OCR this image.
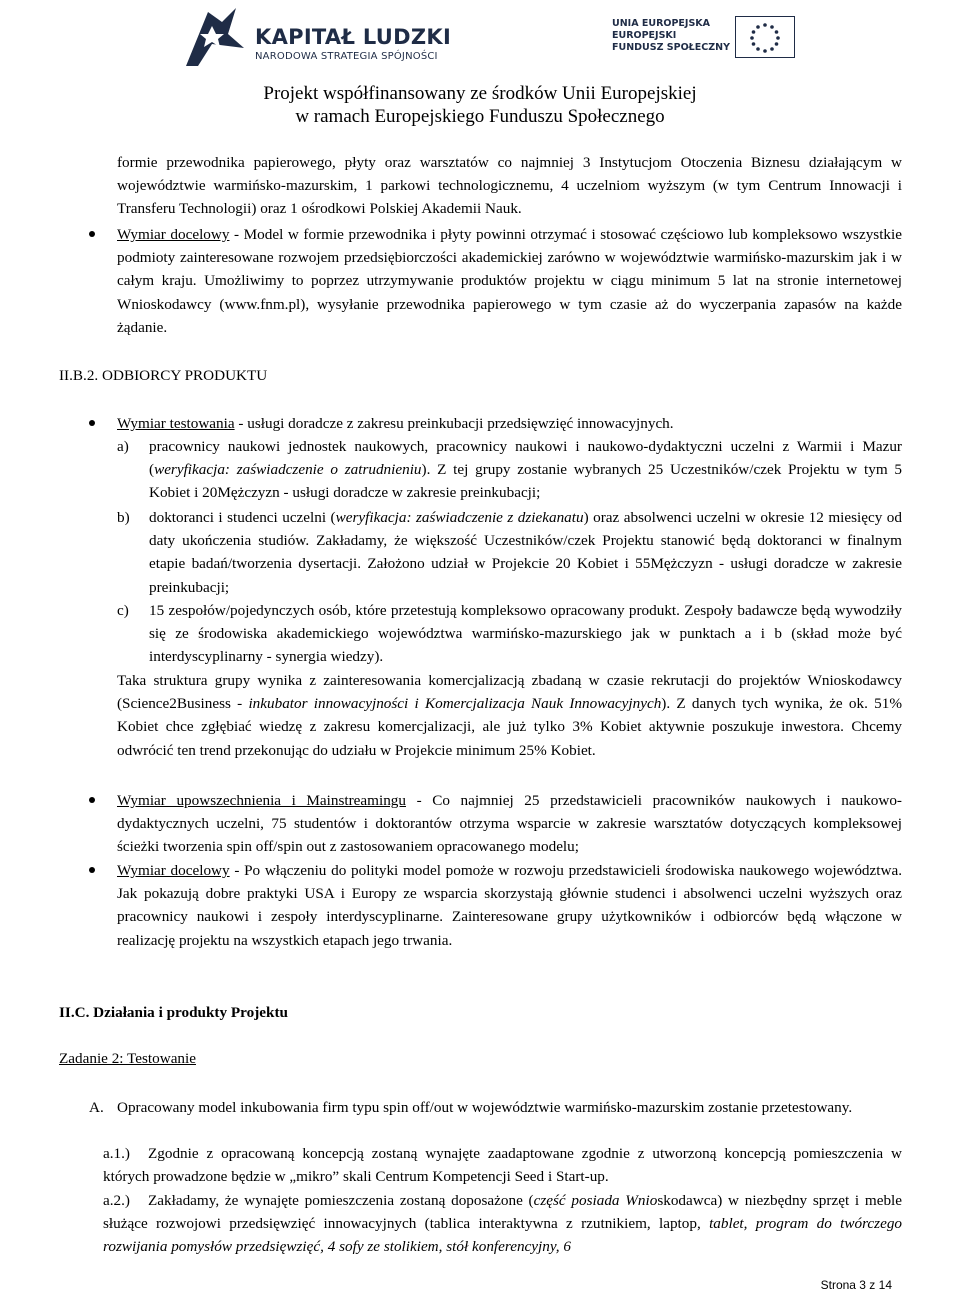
KAPITAŁ LUDZKI
NARODOWA STRATEGIA SPÓJNOŚCI
UNIA EUROPEJSKA
EUROPEJSKI
FUNDUSZ SPOŁECZNY
Projekt współfinansowany ze środków Unii Europejskiej
w ramach Europejskiego Funduszu Społecznego
formie przewodnika papierowego, płyty oraz warsztatów co najmniej 3 Instytucjom Otoczenia Biznesu działającym w województwie warmińsko-mazurskim, 1 parkowi technologicznemu, 4 uczelniom wyższym (w tym Centrum Innowacji i Transferu Technologii) oraz 1 ośrodkowi Polskiej Akademii Nauk.
Wymiar docelowy - Model w formie przewodnika i płyty powinni otrzymać i stosować częściowo lub kompleksowo wszystkie podmioty zainteresowane rozwojem przedsiębiorczości akademickiej zarówno w województwie warmińsko-mazurskim jak i w całym kraju. Umożliwimy to poprzez utrzymywanie produktów projektu w ciągu minimum 5 lat na stronie internetowej Wnioskodawcy (www.fnm.pl), wysyłanie przewodnika papierowego w tym czasie aż do wyczerpania zapasów na każde żądanie.
II.B.2. ODBIORCY PRODUKTU
Wymiar testowania - usługi doradcze z zakresu preinkubacji przedsięwzięć innowacyjnych.
a) pracownicy naukowi jednostek naukowych, pracownicy naukowi i naukowo-dydaktyczni uczelni z Warmii i Mazur (weryfikacja: zaświadczenie o zatrudnieniu). Z tej grupy zostanie wybranych 25 Uczestników/czek Projektu w tym 5 Kobiet i 20Mężczyzn - usługi doradcze w zakresie preinkubacji;
b) doktoranci i studenci uczelni (weryfikacja: zaświadczenie z dziekanatu) oraz absolwenci uczelni w okresie 12 miesięcy od daty ukończenia studiów. Zakładamy, że większość Uczestników/czek Projektu stanowić będą doktoranci w finalnym etapie badań/tworzenia dysertacji. Założono udział w Projekcie 20 Kobiet i 55Mężczyzn - usługi doradcze w zakresie preinkubacji;
c) 15 zespołów/pojedynczych osób, które przetestują kompleksowo opracowany produkt. Zespoły badawcze będą wywodziły się ze środowiska akademickiego województwa warmińsko-mazurskiego jak w punktach a i b (skład może być interdyscyplinarny - synergia wiedzy).
Taka struktura grupy wynika z zainteresowania komercjalizacją zbadaną w czasie rekrutacji do projektów Wnioskodawcy (Science2Business - inkubator innowacyjności i Komercjalizacja Nauk Innowacyjnych). Z danych tych wynika, że ok. 51% Kobiet chce zgłębiać wiedzę z zakresu komercjalizacji, ale już tylko 3% Kobiet aktywnie poszukuje inwestora. Chcemy odwrócić ten trend przekonując do udziału w Projekcie minimum 25% Kobiet.
Wymiar upowszechnienia i Mainstreamingu - Co najmniej 25 przedstawicieli pracowników naukowych i naukowo-dydaktycznych uczelni, 75 studentów i doktorantów otrzyma wsparcie w zakresie warsztatów dotyczących kompleksowej ścieżki tworzenia spin off/spin out z zastosowaniem opracowanego modelu;
Wymiar docelowy - Po włączeniu do polityki model pomoże w rozwoju przedstawicieli środowiska naukowego województwa. Jak pokazują dobre praktyki USA i Europy ze wsparcia skorzystają głównie studenci i absolwenci uczelni wyższych oraz pracownicy naukowi i zespoły interdyscyplinarne. Zainteresowane grupy użytkowników i odbiorców będą włączone w realizację projektu na wszystkich etapach jego trwania.
II.C. Działania i produkty Projektu
Zadanie 2: Testowanie
A. Opracowany model inkubowania firm typu spin off/out w województwie warmińsko-mazurskim zostanie przetestowany.
a.1.)	Zgodnie z opracowaną koncepcją zostaną wynajęte zaadaptowane zgodnie z utworzoną koncepcją pomieszczenia w których prowadzone będzie w „mikro” skali Centrum Kompetencji Seed i Start-up.
a.2.)	Zakładamy, że wynajęte pomieszczenia zostaną doposażone (część posiada Wnioskodawca) w niezbędny sprzęt i meble służące rozwojowi przedsięwzięć innowacyjnych (tablica interaktywna z rzutnikiem, laptop, tablet, program do twórczego rozwijania pomysłów przedsięwzięć, 4 sofy ze stolikiem, stół konferencyjny, 6
Strona 3 z 14
